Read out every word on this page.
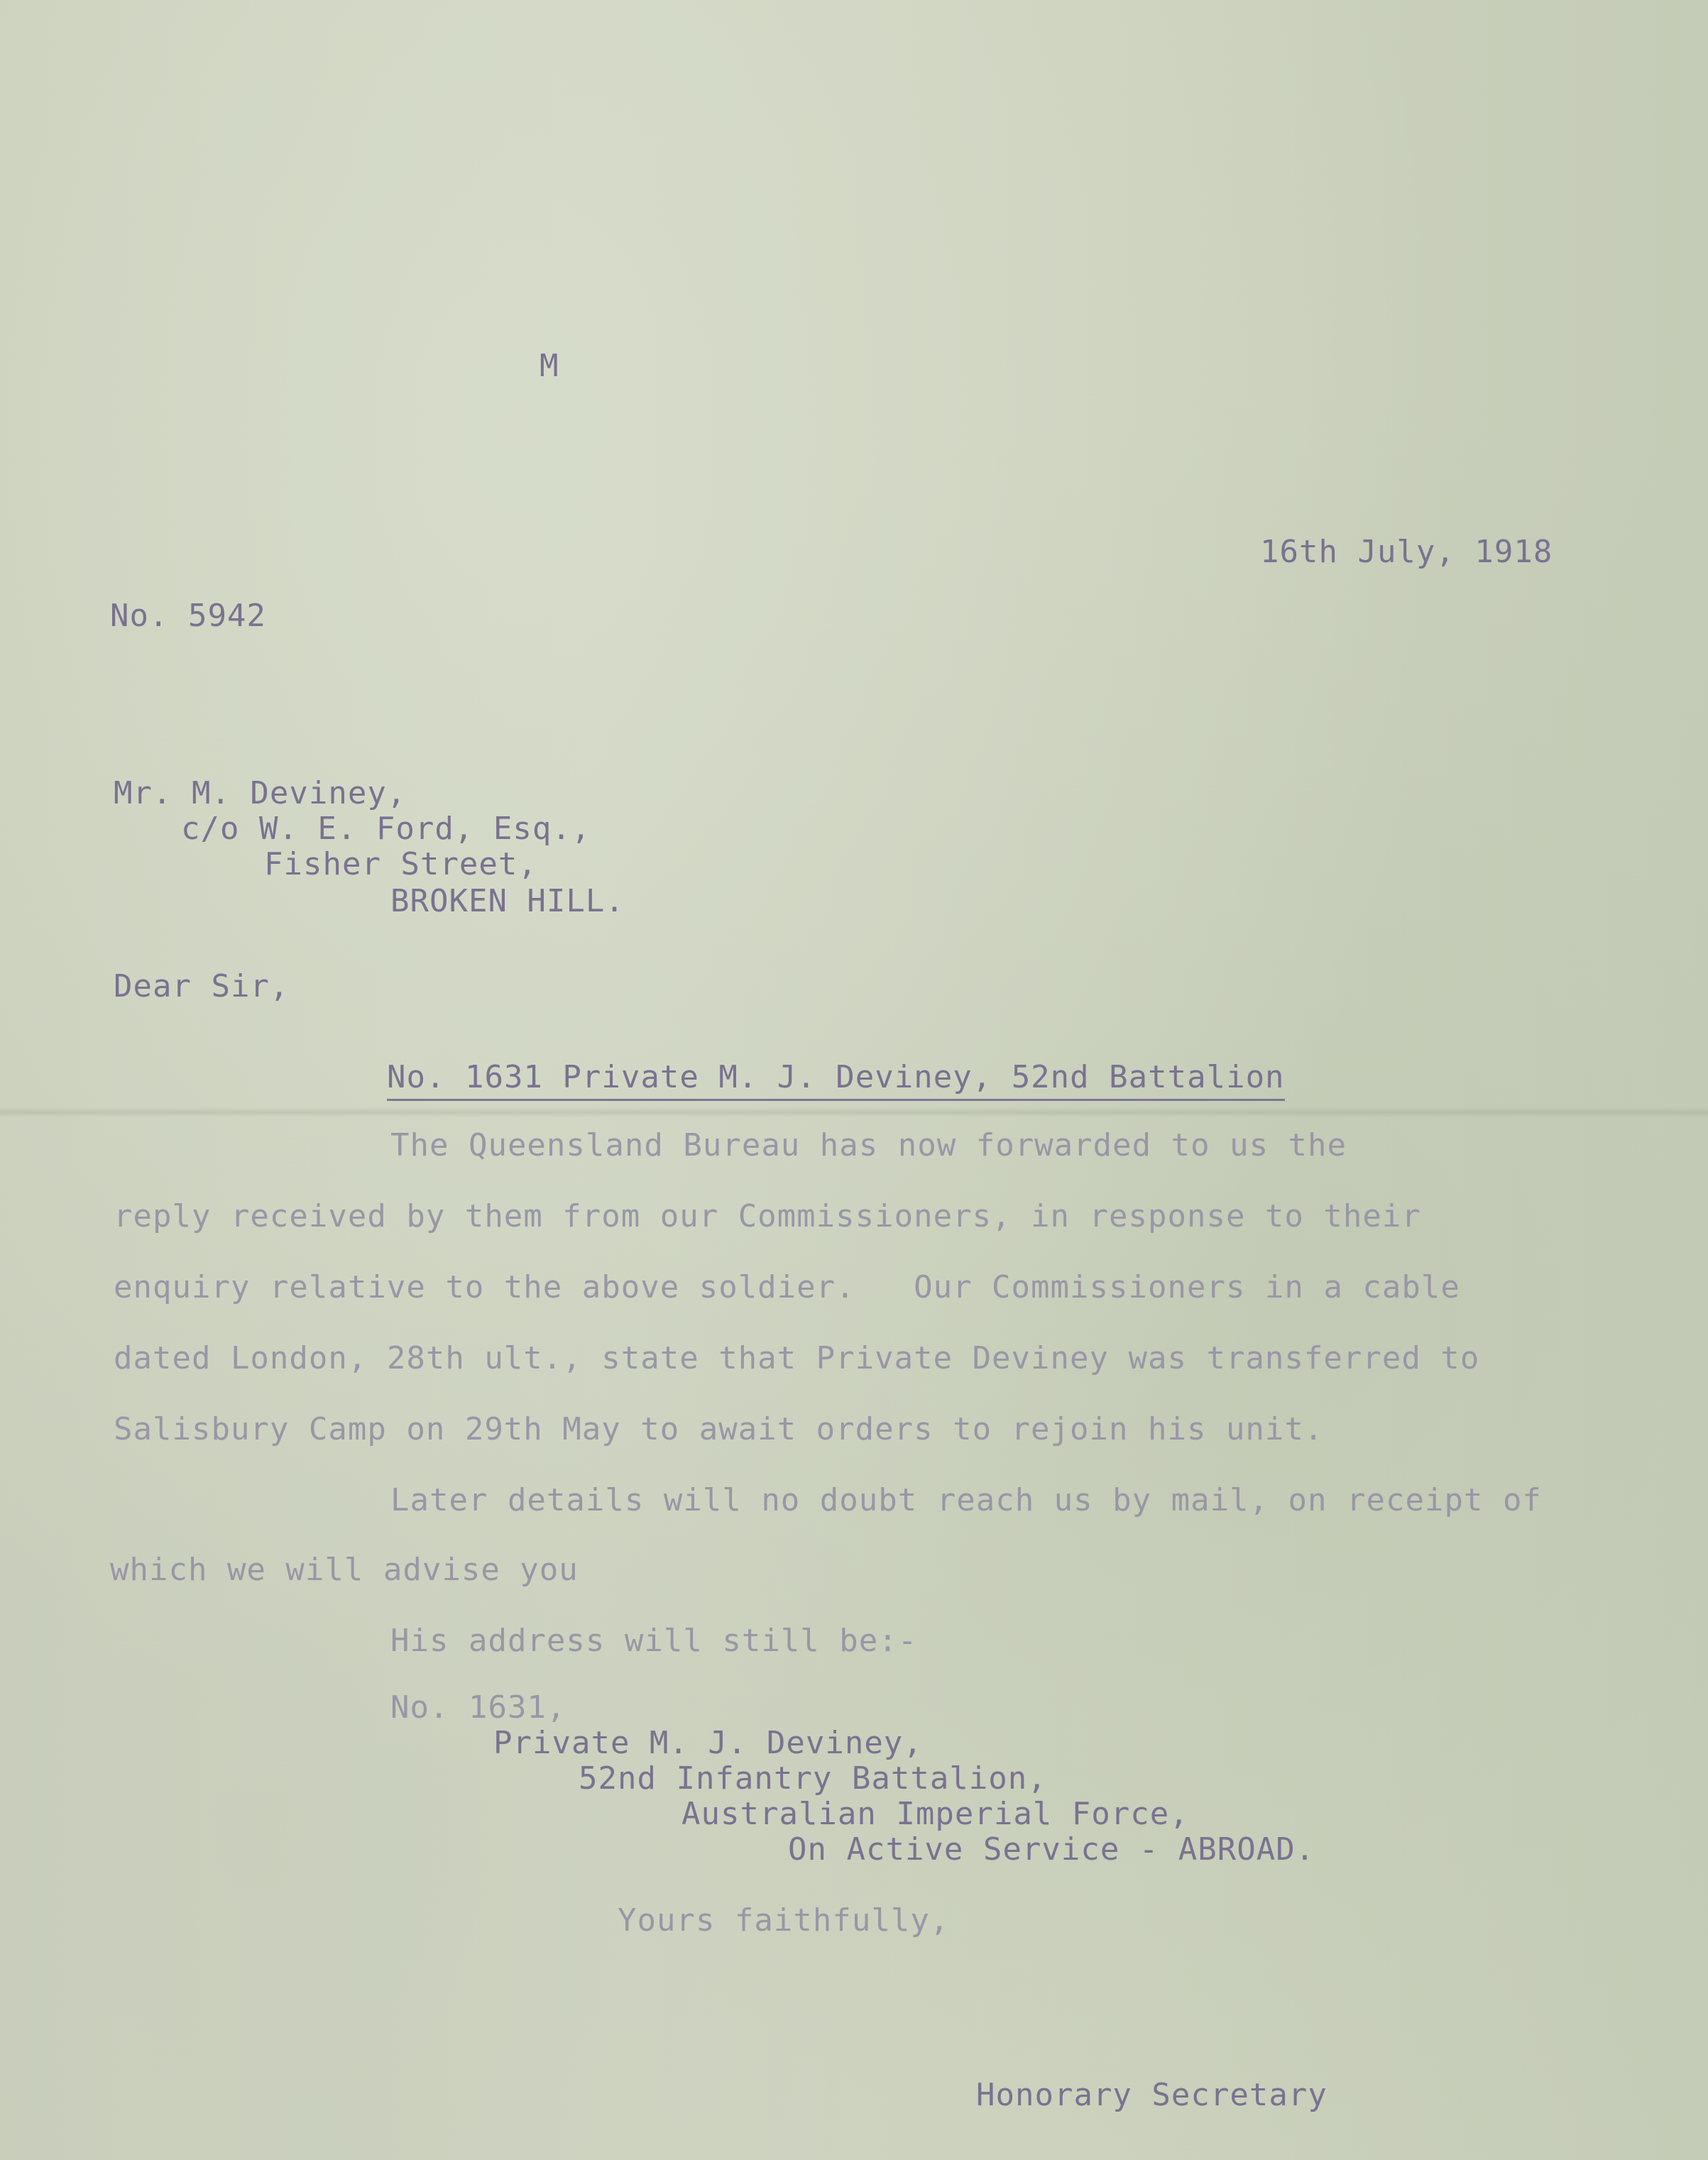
M
16th July, 1918
No. 5942
Mr. M. Deviney,
c/o W. E. Ford, Esq.,
Fisher Street,
BROKEN HILL.
Dear Sir,
No. 1631 Private M. J. Deviney, 52nd Battalion
The Queensland Bureau has now forwarded to us the
reply received by them from our Commissioners, in response to their
enquiry relative to the above soldier.   Our Commissioners in a cable
dated London, 28th ult., state that Private Deviney was transferred to
Salisbury Camp on 29th May to await orders to rejoin his unit.
Later details will no doubt reach us by mail, on receipt of
which we will advise you
His address will still be:-
No. 1631,
Private M. J. Deviney,
52nd Infantry Battalion,
Australian Imperial Force,
On Active Service - ABROAD.
Yours faithfully,
Honorary Secretary
